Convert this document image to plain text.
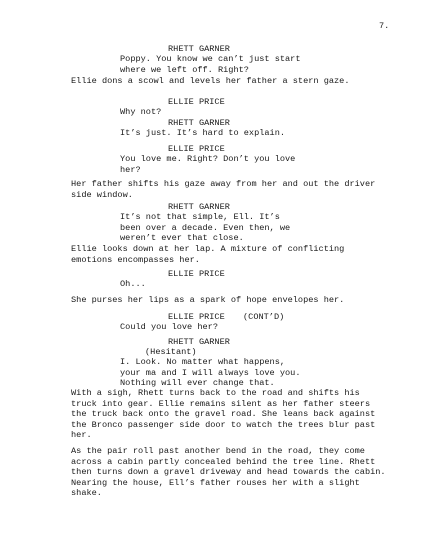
7.
RHETT GARNER
Poppy. You know we can’t just start
where we left off. Right?
Ellie dons a scowl and levels her father a stern gaze.
ELLIE PRICE
Why not?
RHETT GARNER
It’s just. It’s hard to explain.
ELLIE PRICE
You love me. Right? Don’t you love
her?
Her father shifts his gaze away from her and out the driver
side window.
RHETT GARNER
It’s not that simple, Ell. It’s
been over a decade. Even then, we
weren’t ever that close.
Ellie looks down at her lap. A mixture of conflicting
emotions encompasses her.
ELLIE PRICE
Oh...
She purses her lips as a spark of hope envelopes her.
ELLIE PRICE (CONT’D)
Could you love her?
RHETT GARNER
(Hesitant)
I. Look. No matter what happens,
your ma and I will always love you.
Nothing will ever change that.
With a sigh, Rhett turns back to the road and shifts his
truck into gear. Ellie remains silent as her father steers
the truck back onto the gravel road. She leans back against
the Bronco passenger side door to watch the trees blur past
her.
As the pair roll past another bend in the road, they come
across a cabin partly concealed behind the tree line. Rhett
then turns down a gravel driveway and head towards the cabin.
Nearing the house, Ell’s father rouses her with a slight
shake.
